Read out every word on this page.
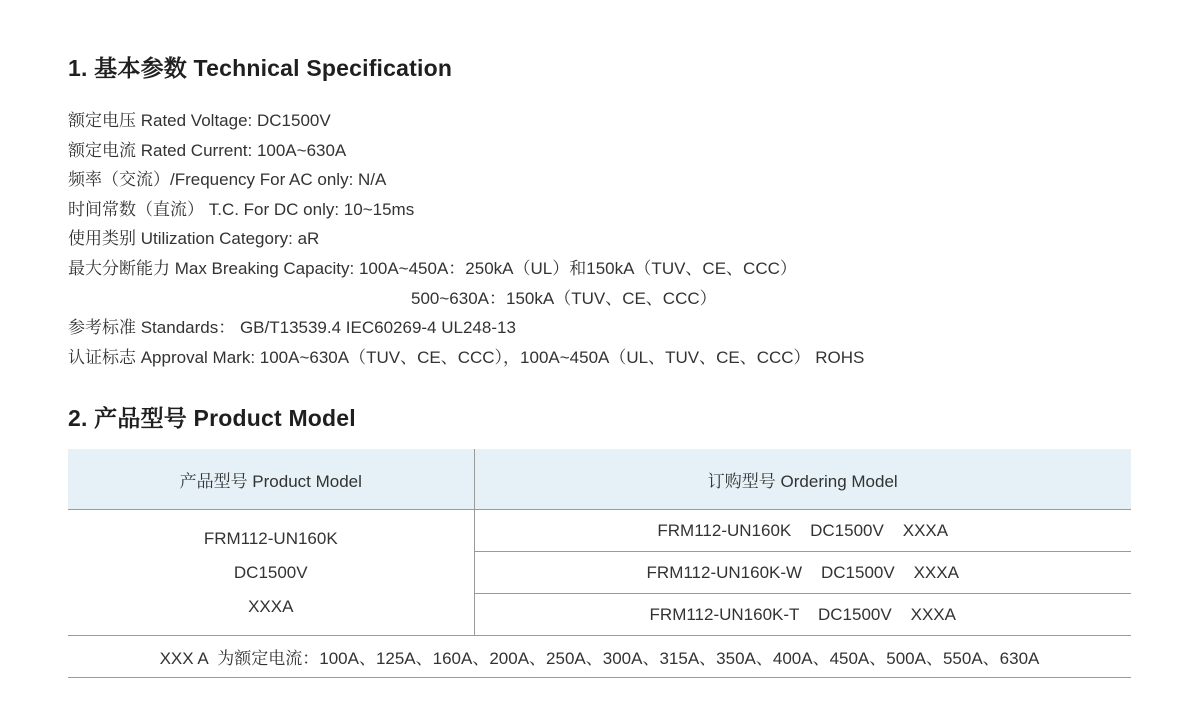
1. 基本参数 Technical Specification
额定电压 Rated Voltage: DC1500V
额定电流 Rated Current: 100A~630A
频率（交流）/Frequency For AC only: N/A
时间常数（直流） T.C. For DC only: 10~15ms
使用类别 Utilization Category: aR
最大分断能力 Max Breaking Capacity: 100A~450A：250kA（UL）和150kA（TUV、CE、CCC）
500~630A：150kA（TUV、CE、CCC）
参考标准 Standards： GB/T13539.4 IEC60269-4 UL248-13
认证标志 Approval Mark: 100A~630A（TUV、CE、CCC），100A~450A（UL、TUV、CE、CCC） ROHS
2. 产品型号 Product Model
产品型号 Product Model	订购型号 Ordering Model

FRM112-UN160K
DC1500V
XXXA	FRM112-UN160K    DC1500V    XXXA
	FRM112-UN160K-W    DC1500V    XXXA
	FRM112-UN160K-T    DC1500V    XXXA
XXX A  为额定电流：100A、125A、160A、200A、250A、300A、315A、350A、400A、450A、500A、550A、630A	
